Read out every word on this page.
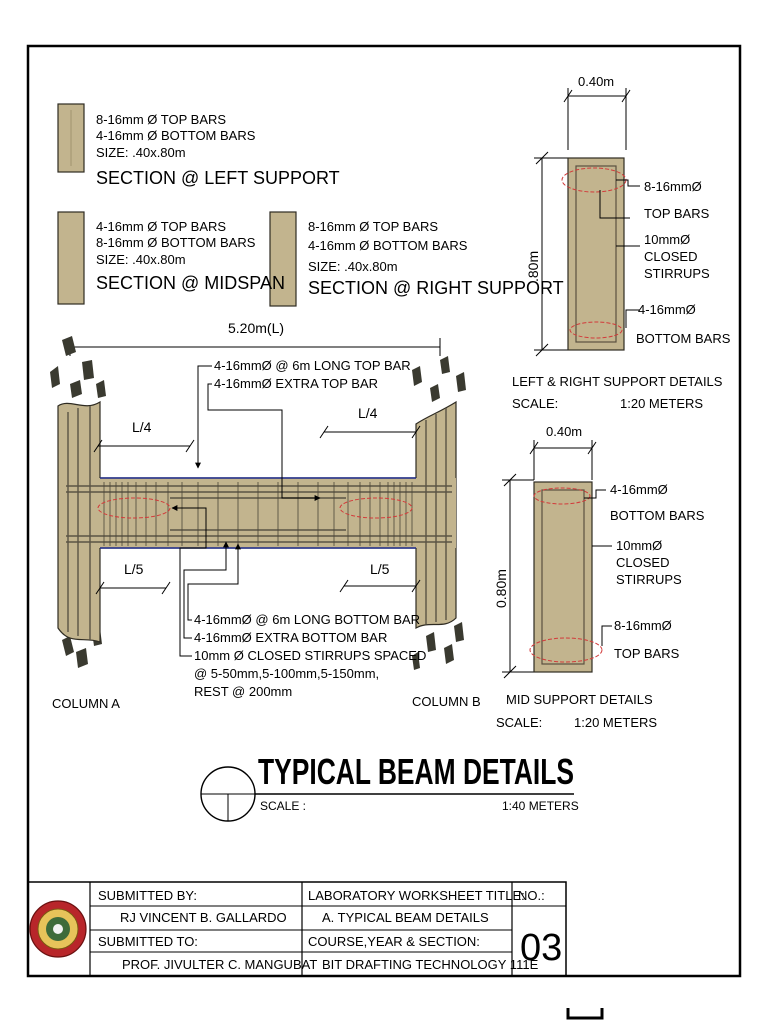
8-16mm Ø TOP BARS
4-16mm Ø BOTTOM BARS
SIZE: .40x.80m
SECTION @ LEFT SUPPORT
4-16mm Ø TOP BARS
8-16mm Ø BOTTOM BARS
SIZE: .40x.80m
SECTION @ MIDSPAN
8-16mm Ø TOP BARS
4-16mm Ø BOTTOM BARS
SIZE: .40x.80m
SECTION @ RIGHT SUPPORT
5.20m(L)
L/4
L/4
L/5	L/5
4-16mmØ @ 6m LONG TOP BAR
4-16mmØ EXTRA TOP BAR
4-16mmØ @ 6m LONG BOTTOM BAR
4-16mmØ EXTRA BOTTOM BAR
10mm Ø CLOSED STIRRUPS SPACED
@ 5-50mm,5-100mm,5-150mm,
REST @ 200mm
COLUMN A	COLUMN B
0.40m
.80m
8-16mmØ
TOP BARS
10mmØ
CLOSED
STIRRUPS
4-16mmØ
BOTTOM BARS
LEFT & RIGHT SUPPORT DETAILS
SCALE:	1:20 METERS
0.40m
0.80m
4-16mmØ
BOTTOM BARS
10mmØ
CLOSED
STIRRUPS
8-16mmØ
TOP BARS
MID SUPPORT DETAILS
SCALE: 1:20 METERS
TYPICAL BEAM DETAILS
SCALE :	1:40 METERS
SUBMITTED BY:
RJ VINCENT B. GALLARDO
SUBMITTED TO:
PROF. JIVULTER C. MANGUBAT
LABORATORY WORKSHEET TITLE:
A. TYPICAL BEAM DETAILS
COURSE,YEAR & SECTION:
BIT DRAFTING TECHNOLOGY 111E
NO.:
03
